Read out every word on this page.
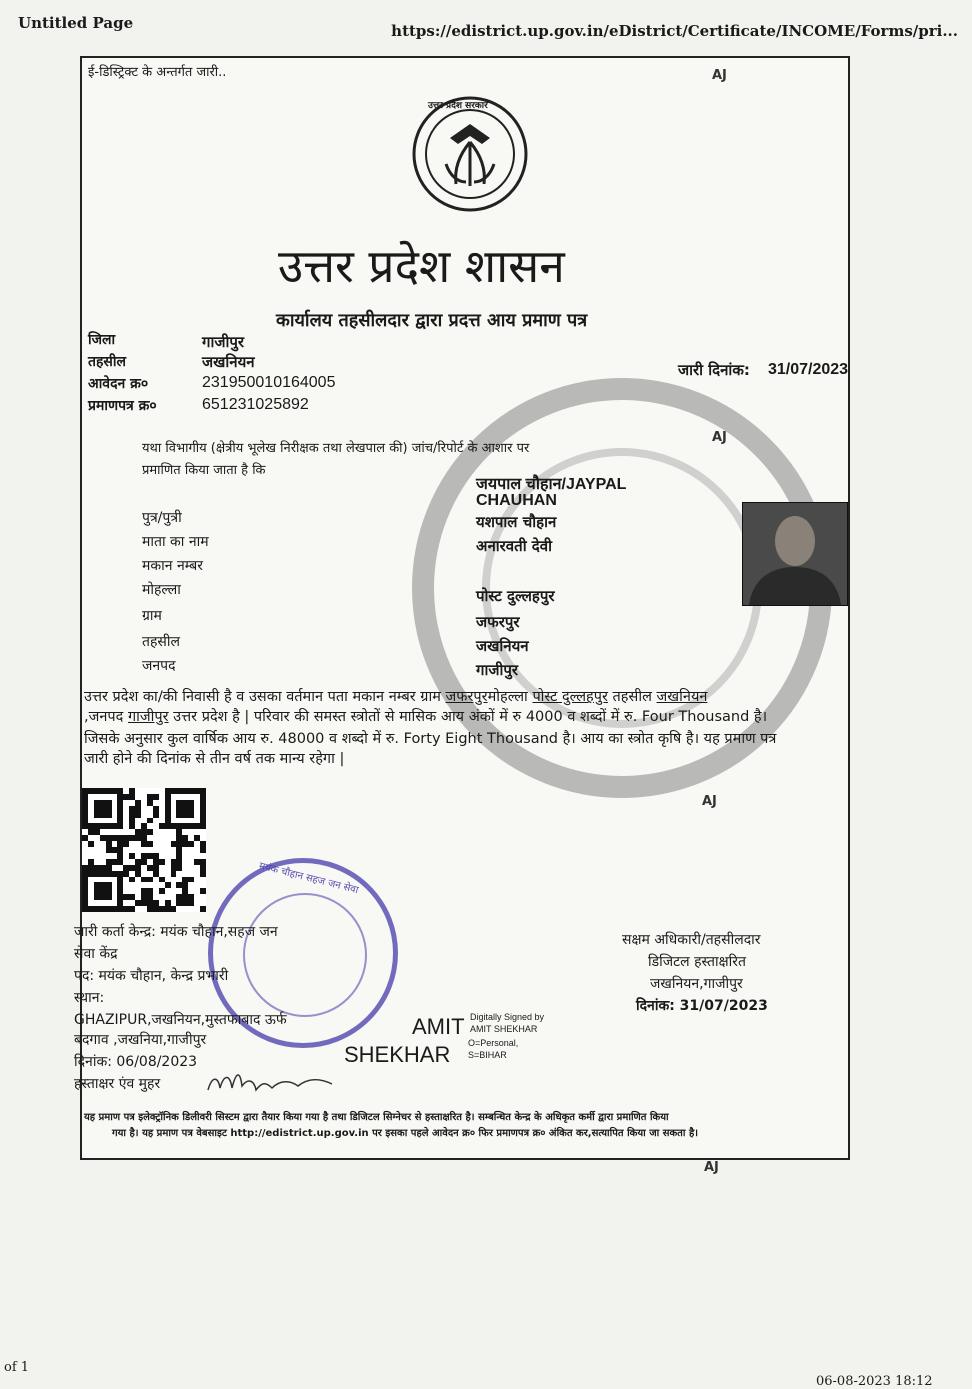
Untitled Page	https://edistrict.up.gov.in/eDistrict/Certificate/INCOME/Forms/pri...
ई-डिस्ट्रिक्ट के अन्तर्गत जारी..	AJ
उत्तर प्रदेश सरकार
उत्तर प्रदेश शासन
कार्यालय तहसीलदार द्वारा प्रदत्त आय प्रमाण पत्र
जिला	गाजीपुर
तहसील	जखनियन
आवेदन क्र०	231950010164005
प्रमाणपत्र क्र०	651231025892
जारी दिनांक: 31/07/2023
यथा विभागीय (क्षेत्रीय भूलेख निरीक्षक तथा लेखपाल की) जांच/रिपोर्ट के आशार पर
प्रमाणित किया जाता है कि
AJ
जयपाल चौहान/JAYPAL
CHAUHAN
पुत्र/पुत्री	यशपाल चौहान
माता का नाम	अनारवती देवी
मकान नम्बर
मोहल्ला	पोस्ट दुल्लहपुर
ग्राम	जफरपुर
तहसील	जखनियन
जनपद	गाजीपुर
उत्तर प्रदेश का/की निवासी है व उसका वर्तमान पता मकान नम्बर ग्राम जफरपुरमोहल्ला पोस्ट दुल्लहपुर तहसील जखनियन
,जनपद गाजीपुर उत्तर प्रदेश है | परिवार की समस्त स्त्रोतों से मासिक आय अंकों में रु 4000 व शब्दों में रु. Four Thousand है।
जिसके अनुसार कुल वार्षिक आय रु. 48000 व शब्दो में रु. Forty Eight Thousand है। आय का स्त्रोत कृषि है। यह प्रमाण पत्र
जारी होने की दिनांक से तीन वर्ष तक मान्य रहेगा |
AJ
मयंक चौहान सहज जन सेवा
जारी कर्ता केन्द्र: मयंक चौहान,सहज जन
सेवा केंद्र
पद: मयंक चौहान, केन्द्र प्रभारी
स्थान:
GHAZIPUR,जखनियन,मुस्तफाबाद ऊर्फ
बदगाव ,जखनिया,गाजीपुर
दिनांक: 06/08/2023
हस्ताक्षर एंव मुहर
AMIT
SHEKHAR
Digitally Signed by
AMIT SHEKHAR
O=Personal,
S=BIHAR
सक्षम अधिकारी/तहसीलदार
डिजिटल हस्ताक्षरित
जखनियन,गाजीपुर
दिनांक: 31/07/2023
यह प्रमाण पत्र इलेक्ट्रॉनिक डिलीवरी सिस्टम द्वारा तैयार किया गया है तथा डिजिटल सिग्नेचर से हस्ताक्षरित है। सम्बन्धित केन्द्र के अधिकृत कर्मी द्वारा प्रमाणित किया
गया है। यह प्रमाण पत्र वेबसाइट http://edistrict.up.gov.in पर इसका पहले आवेदन क्र० फिर प्रमाणपत्र क्र० अंकित कर,सत्यापित किया जा सकता है।
AJ
of 1
06-08-2023 18:12
